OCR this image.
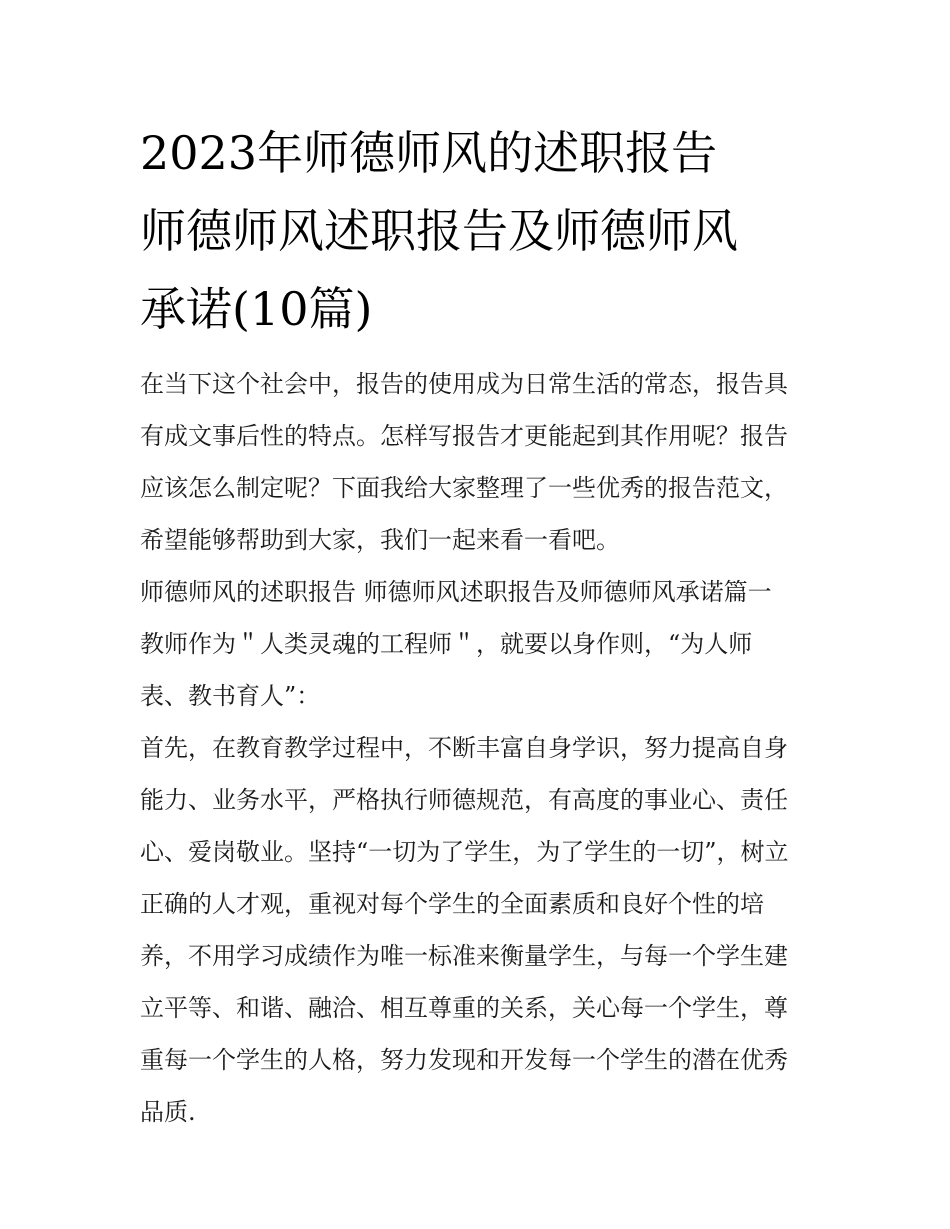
2023年师德师风的述职报告
师德师风述职报告及师德师风
承诺(10篇)

在当下这个社会中，报告的使用成为日常生活的常态，报告具
有成文事后性的特点。怎样写报告才更能起到其作用呢？报告
应该怎么制定呢？下面我给大家整理了一些优秀的报告范文，
希望能够帮助到大家，我们一起来看一看吧。

师德师风的述职报告 师德师风述职报告及师德师风承诺篇一

教师作为＂人类灵魂的工程师＂，就要以身作则，“为人师
表、教书育人”：

首先，在教育教学过程中，不断丰富自身学识，努力提高自身
能力、业务水平，严格执行师德规范，有高度的事业心、责任
心、爱岗敬业。坚持“一切为了学生，为了学生的一切”，树立
正确的人才观，重视对每个学生的全面素质和良好个性的培
养，不用学习成绩作为唯一标准来衡量学生，与每一个学生建
立平等、和谐、融洽、相互尊重的关系，关心每一个学生，尊
重每一个学生的人格，努力发现和开发每一个学生的潜在优秀
品质.
